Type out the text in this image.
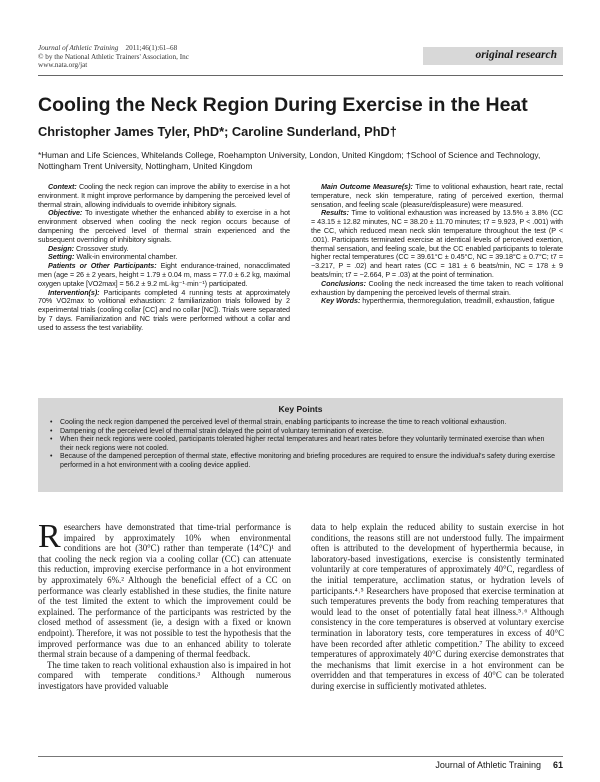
Journal of Athletic Training 2011;46(1):61–68
© by the National Athletic Trainers' Association, Inc
www.nata.org/jat
original research
Cooling the Neck Region During Exercise in the Heat
Christopher James Tyler, PhD*; Caroline Sunderland, PhD†
*Human and Life Sciences, Whitelands College, Roehampton University, London, United Kingdom; †School of Science and Technology, Nottingham Trent University, Nottingham, United Kingdom

Context: Cooling the neck region can improve the ability to exercise in a hot environment. It might improve performance by dampening the perceived level of thermal strain, allowing individuals to override inhibitory signals.

Objective: To investigate whether the enhanced ability to exercise in a hot environment observed when cooling the neck region occurs because of dampening the perceived level of thermal strain experienced and the subsequent overriding of inhibitory signals.

Design: Crossover study.

Setting: Walk-in environmental chamber.

Patients or Other Participants: Eight endurance-trained, nonacclimated men (age = 26 ± 2 years, height = 1.79 ± 0.04 m, mass = 77.0 ± 6.2 kg, maximal oxygen uptake [VO2max] = 56.2 ± 9.2 mL·kg⁻¹·min⁻¹) participated.

Intervention(s): Participants completed 4 running tests at approximately 70% VO2max to volitional exhaustion: 2 familiarization trials followed by 2 experimental trials (cooling collar [CC] and no collar [NC]). Trials were separated by 7 days. Familiarization and NC trials were performed without a collar and used to assess the test variability.

Main Outcome Measure(s): Time to volitional exhaustion, heart rate, rectal temperature, neck skin temperature, rating of perceived exertion, thermal sensation, and feeling scale (pleasure/displeasure) were measured.

Results: Time to volitional exhaustion was increased by 13.5% ± 3.8% (CC = 43.15 ± 12.82 minutes, NC = 38.20 ± 11.70 minutes; t7 = 9.923, P < .001) with the CC, which reduced mean neck skin temperature throughout the test (P < .001). Participants terminated exercise at identical levels of perceived exertion, thermal sensation, and feeling scale, but the CC enabled participants to tolerate higher rectal temperatures (CC = 39.61°C ± 0.45°C, NC = 39.18°C ± 0.7°C; t7 = −3.217, P = .02) and heart rates (CC = 181 ± 6 beats/min, NC = 178 ± 9 beats/min; t7 = −2.664, P = .03) at the point of termination.

Conclusions: Cooling the neck increased the time taken to reach volitional exhaustion by dampening the perceived levels of thermal strain.

Key Words: hyperthermia, thermoregulation, treadmill, exhaustion, fatigue

Key Points
• Cooling the neck region dampened the perceived level of thermal strain, enabling participants to increase the time to reach volitional exhaustion.
• Dampening of the perceived level of thermal strain delayed the point of voluntary termination of exercise.
• When their neck regions were cooled, participants tolerated higher rectal temperatures and heart rates before they voluntarily terminated exercise than when their neck regions were not cooled.
• Because of the dampened perception of thermal state, effective monitoring and briefing procedures are required to ensure the individual's safety during exercise performed in a hot environment with a cooling device applied.

Researchers have demonstrated that time-trial performance is impaired by approximately 10% when environmental conditions are hot (30°C) rather than temperate (14°C)¹ and that cooling the neck region via a cooling collar (CC) can attenuate this reduction, improving exercise performance in a hot environment by approximately 6%.² Although the beneficial effect of a CC on performance was clearly established in these studies, the finite nature of the test limited the extent to which the improvement could be explained. The performance of the participants was restricted by the closed method of assessment (ie, a design with a fixed or known endpoint). Therefore, it was not possible to test the hypothesis that the improved performance was due to an enhanced ability to tolerate thermal strain because of a dampening of thermal feedback.

The time taken to reach volitional exhaustion also is impaired in hot compared with temperate conditions.³ Although numerous investigators have provided valuable

data to help explain the reduced ability to sustain exercise in hot conditions, the reasons still are not understood fully. The impairment often is attributed to the development of hyperthermia because, in laboratory-based investigations, exercise is consistently terminated voluntarily at core temperatures of approximately 40°C, regardless of the initial temperature, acclimation status, or hydration levels of participants.⁴˒⁵ Researchers have proposed that exercise termination at such temperatures prevents the body from reaching temperatures that would lead to the onset of potentially fatal heat illness.⁵˒⁶ Although consistency in the core temperatures is observed at voluntary exercise termination in laboratory tests, core temperatures in excess of 40°C have been recorded after athletic competition.⁷ The ability to exceed temperatures of approximately 40°C during exercise demonstrates that the mechanisms that limit exercise in a hot environment can be overridden and that temperatures in excess of 40°C can be tolerated during exercise in sufficiently motivated athletes.

Journal of Athletic Training 61
